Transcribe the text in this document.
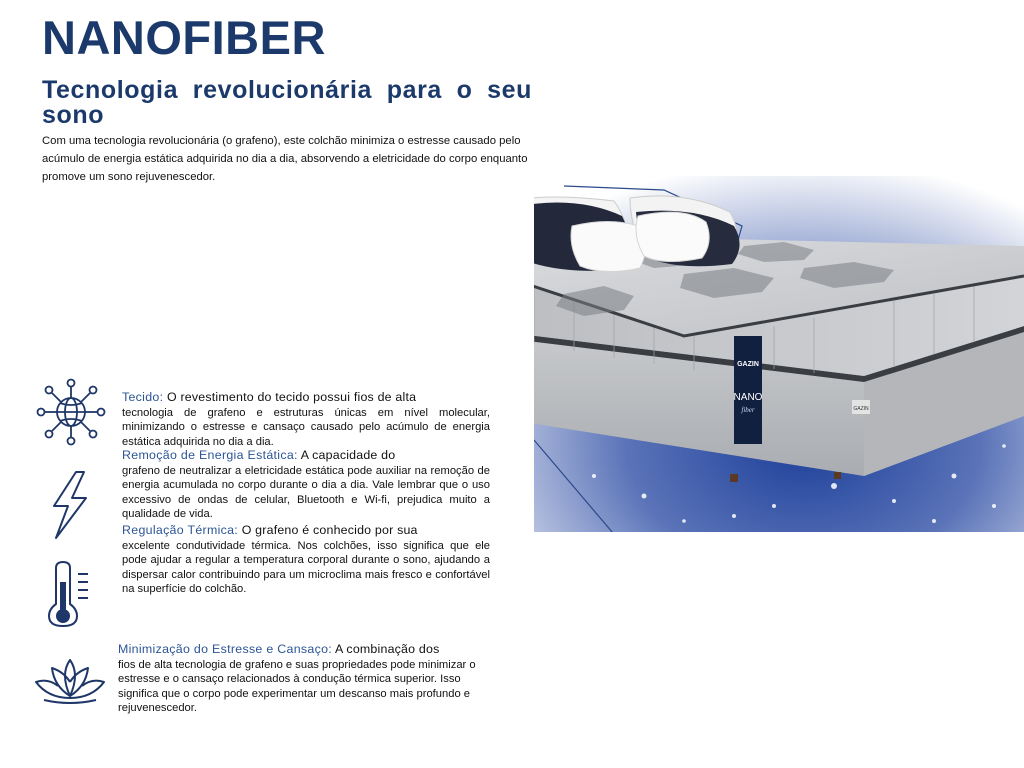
NANOFIBER
Tecnologia revolucionária para o seu sono

Com uma tecnologia revolucionária (o grafeno), este colchão minimiza o estresse causado pelo acúmulo de energia estática adquirida no dia a dia, absorvendo a eletricidade do corpo enquanto promove um sono rejuvenescedor.

GAZIN
GAZIN
NANO
fiber

Tecido: O revestimento do tecido possui fios de alta
tecnologia de grafeno e estruturas únicas em nível molecular, minimizando o estresse e cansaço causado pelo acúmulo de energia estática adquirida no dia a dia.

Remoção de Energia Estática: A capacidade do
grafeno de neutralizar a eletricidade estática pode auxiliar na remoção de energia acumulada no corpo durante o dia a dia. Vale lembrar que o uso excessivo de ondas de celular, Bluetooth e Wi-fi, prejudica muito a qualidade de vida.

Regulação Térmica: O grafeno é conhecido por sua
excelente condutividade térmica. Nos colchões, isso significa que ele pode ajudar a regular a temperatura corporal durante o sono, ajudando a dispersar calor contribuindo para um microclima mais fresco e confortável na superfície do colchão.

Minimização do Estresse e Cansaço: A combinação dos
fios de alta tecnologia de grafeno e suas propriedades pode minimizar o estresse e o cansaço relacionados à condução térmica superior. Isso significa que o corpo pode experimentar um descanso mais profundo e rejuvenescedor.
